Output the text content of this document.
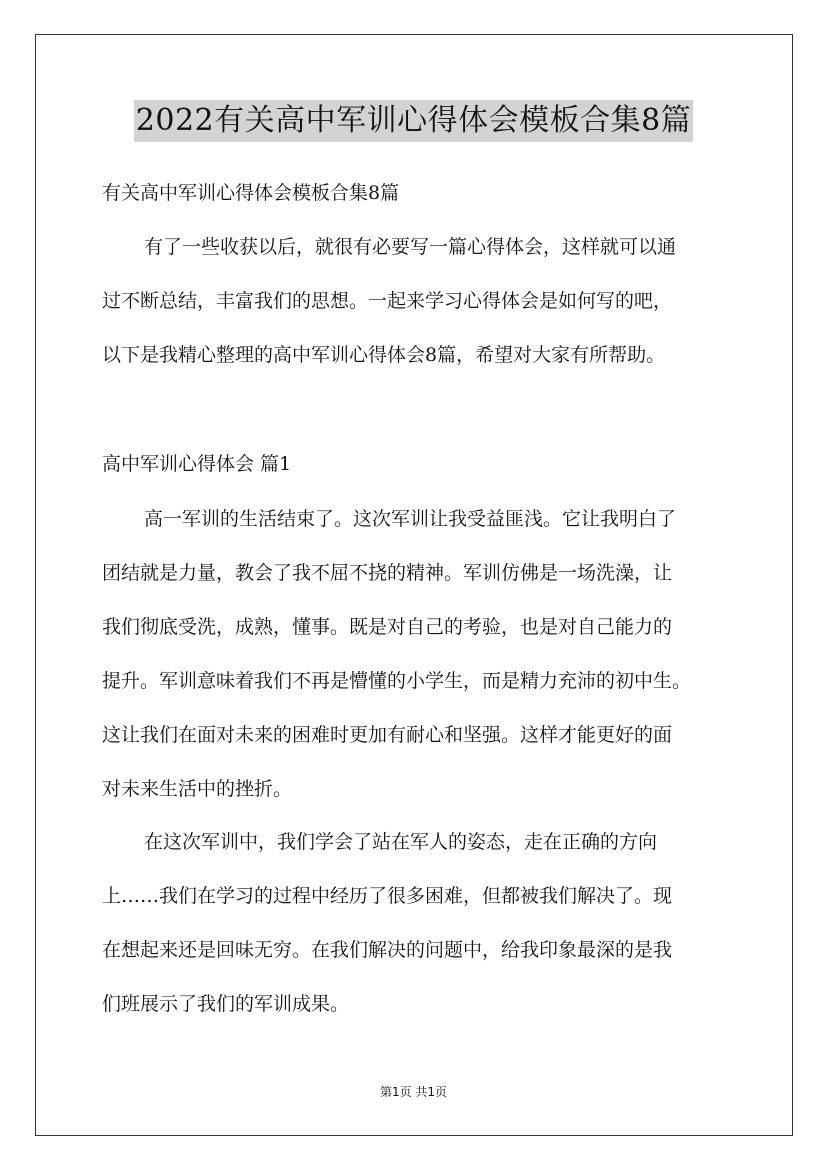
2022有关高中军训心得体会模板合集8篇

有关高中军训心得体会模板合集8篇

有了一些收获以后，就很有必要写一篇心得体会，这样就可以通
过不断总结，丰富我们的思想。一起来学习心得体会是如何写的吧，
以下是我精心整理的高中军训心得体会8篇，希望对大家有所帮助。

高中军训心得体会 篇1

高一军训的生活结束了。这次军训让我受益匪浅。它让我明白了
团结就是力量，教会了我不屈不挠的精神。军训仿佛是一场洗澡，让
我们彻底受洗，成熟，懂事。既是对自己的考验，也是对自己能力的
提升。军训意味着我们不再是懵懂的小学生，而是精力充沛的初中生。
这让我们在面对未来的困难时更加有耐心和坚强。这样才能更好的面
对未来生活中的挫折。

在这次军训中，我们学会了站在军人的姿态，走在正确的方向
上……我们在学习的过程中经历了很多困难，但都被我们解决了。现
在想起来还是回味无穷。在我们解决的问题中，给我印象最深的是我
们班展示了我们的军训成果。

第1页 共1页
